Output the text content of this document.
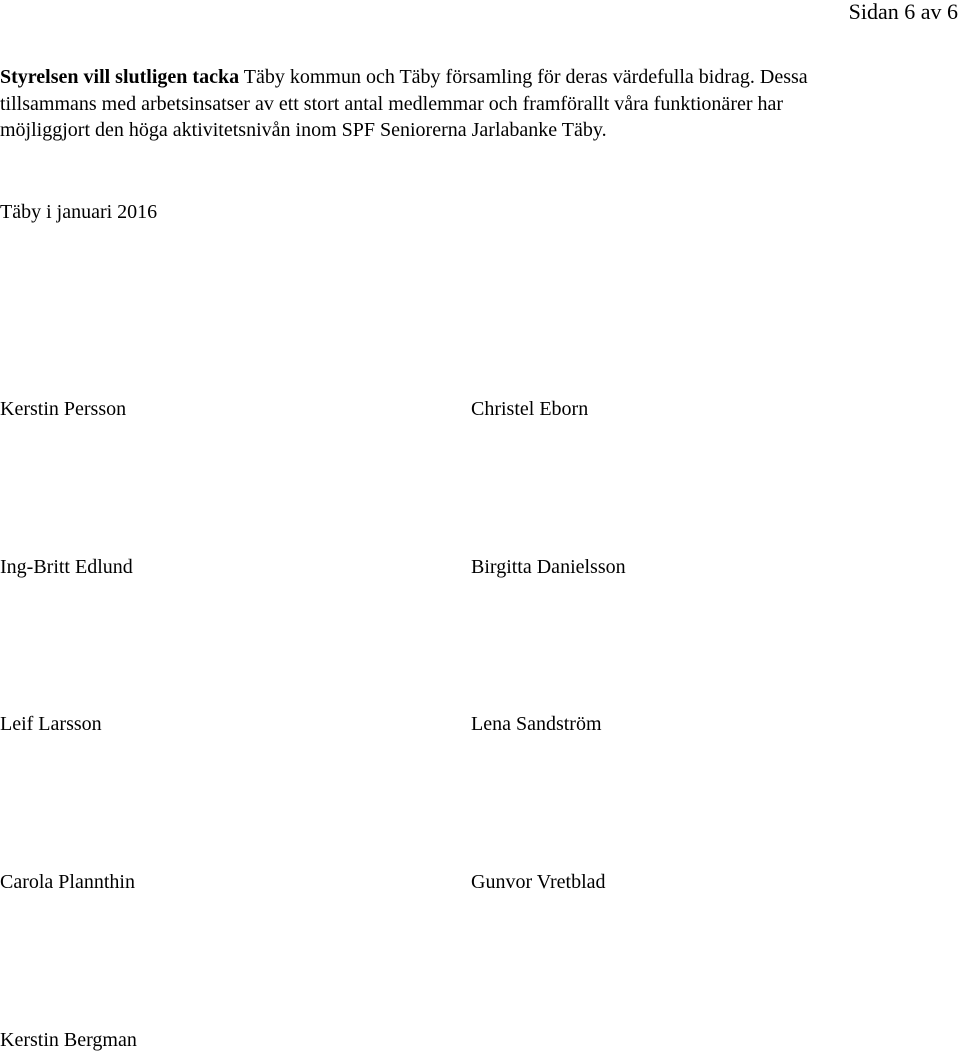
Sidan 6 av 6
Styrelsen vill slutligen tacka Täby kommun och Täby församling för deras värdefulla bidrag. Dessa
tillsammans med arbetsinsatser av ett stort antal medlemmar och framförallt våra funktionärer har
möjliggjort den höga aktivitetsnivån inom SPF Seniorerna Jarlabanke Täby.
Täby i januari 2016
Kerstin Persson	Christel Eborn
Ing-Britt Edlund	Birgitta Danielsson
Leif Larsson	Lena Sandström
Carola Plannthin	Gunvor Vretblad
Kerstin Bergman
